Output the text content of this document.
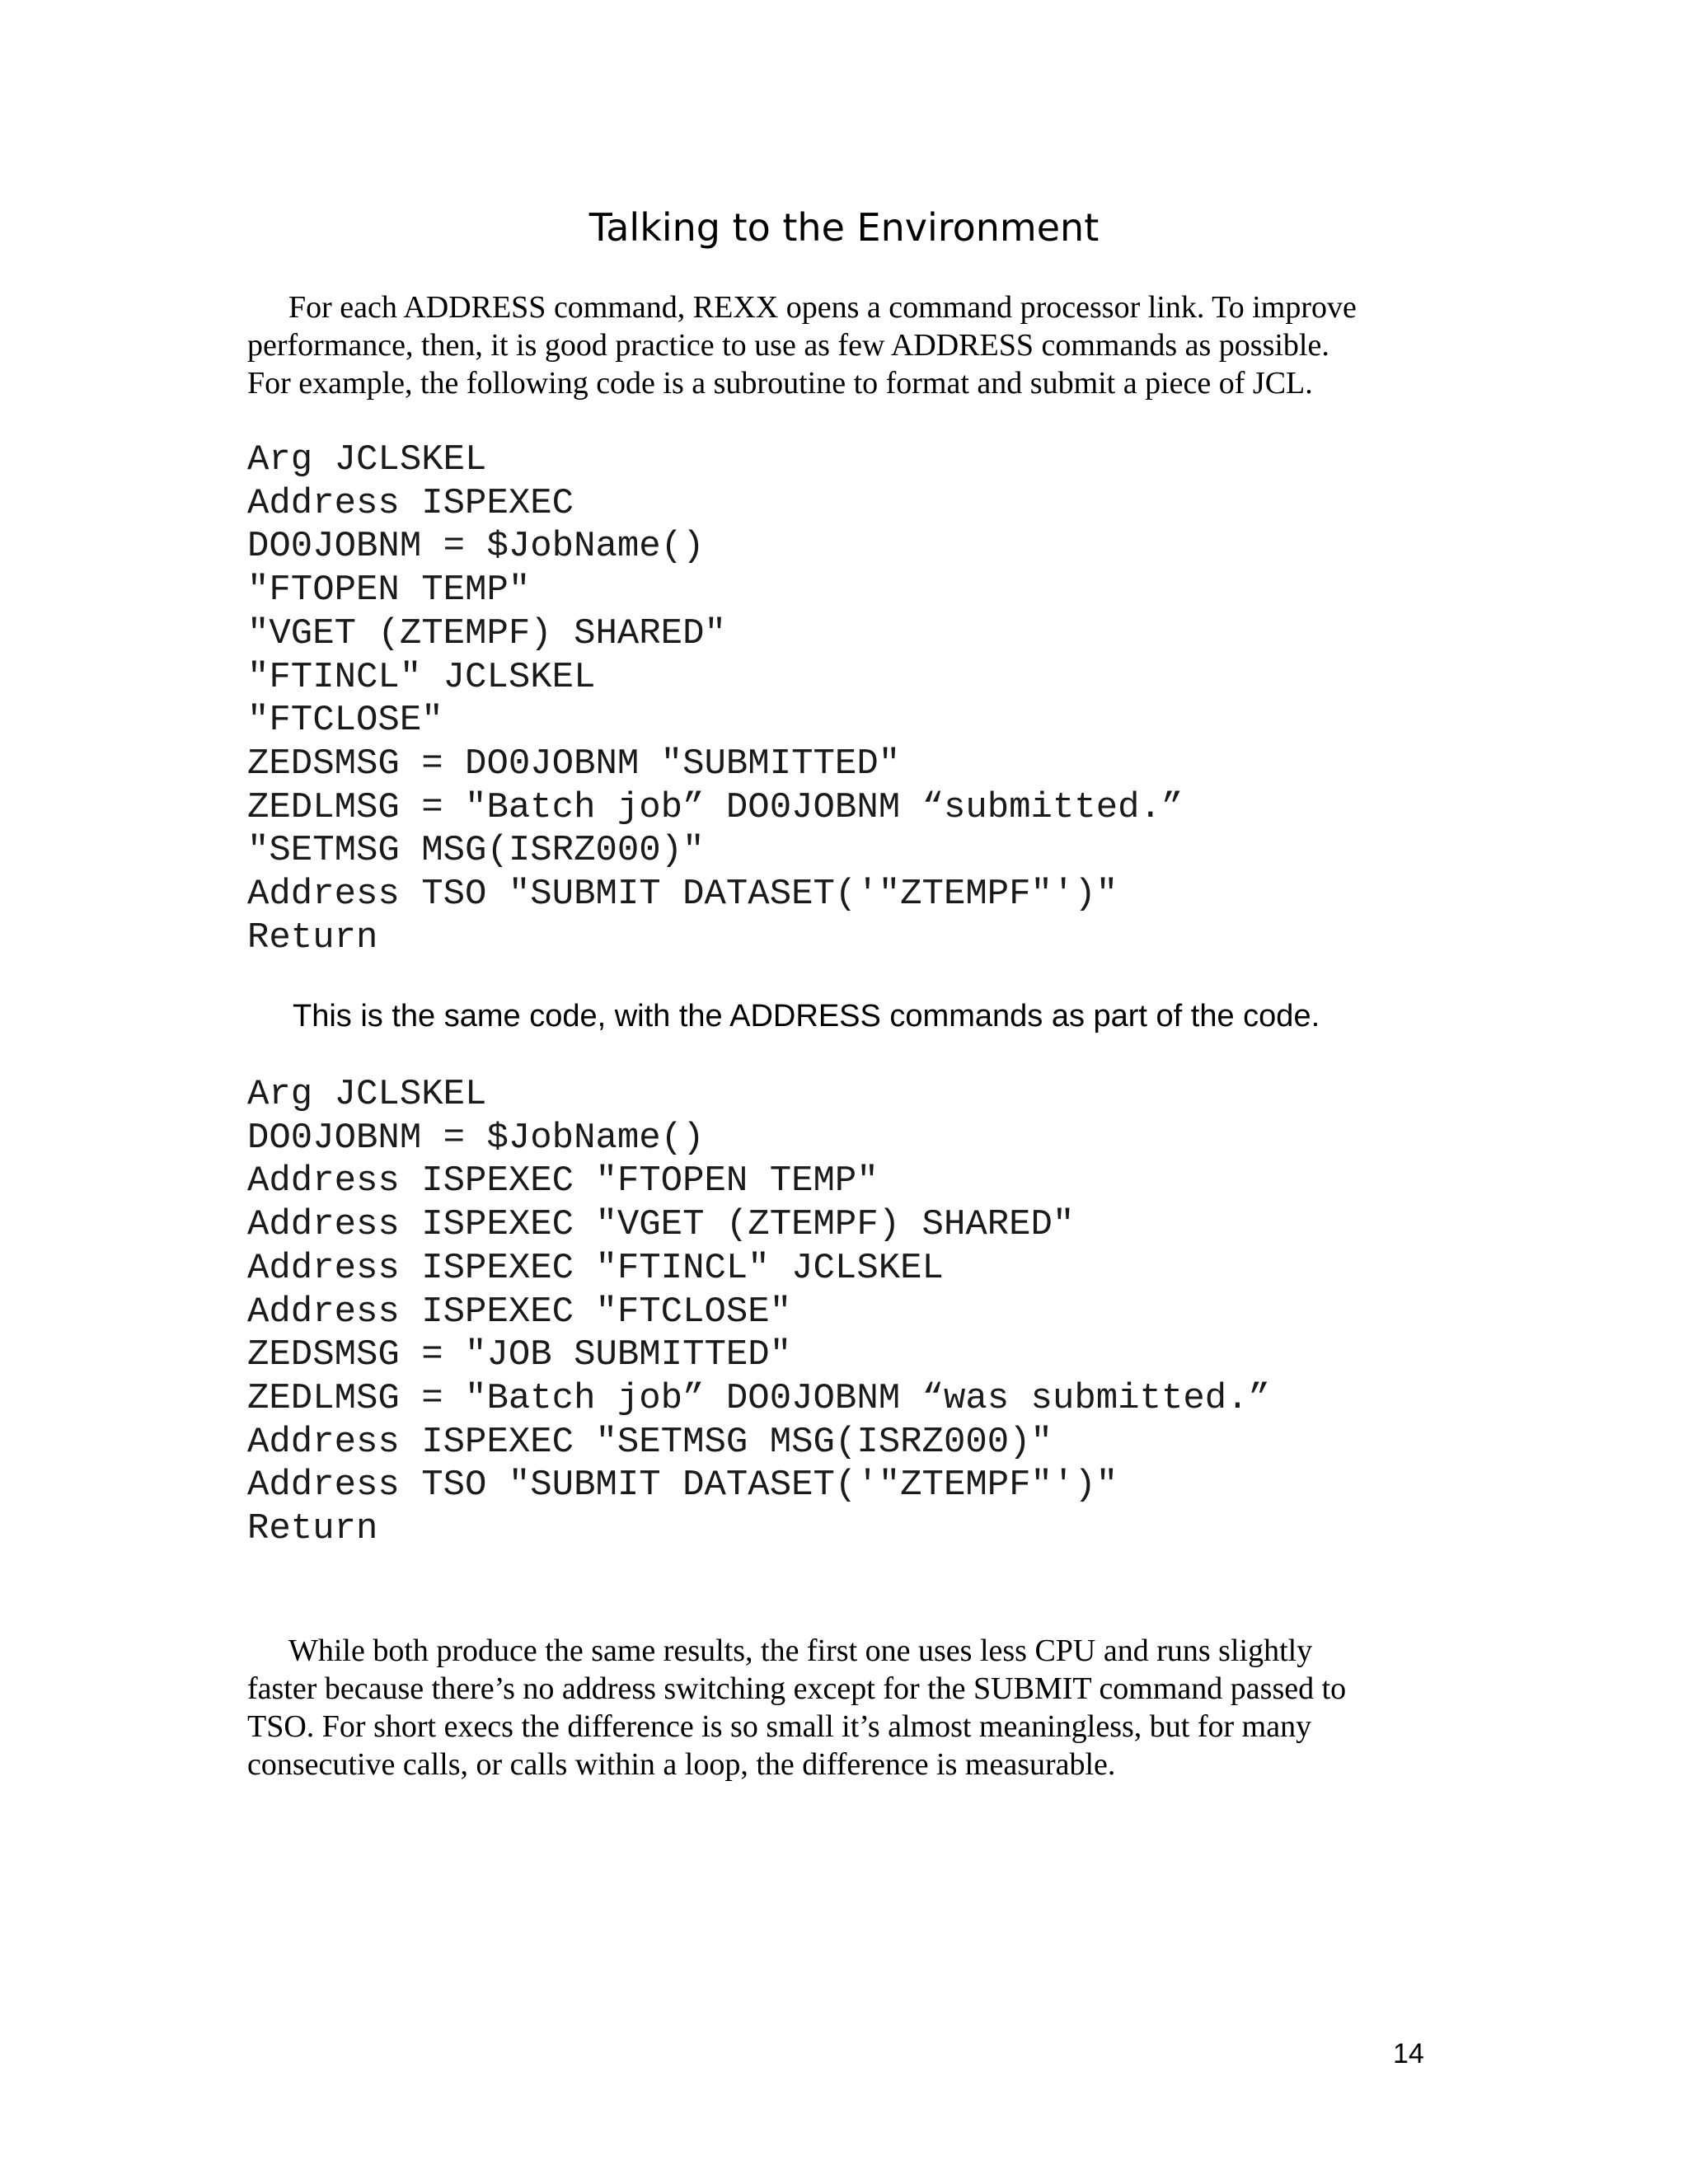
Talking to the Environment

For each ADDRESS command, REXX opens a command processor link. To improve
performance, then, it is good practice to use as few ADDRESS commands as possible.
For example, the following code is a subroutine to format and submit a piece of JCL.

Arg JCLSKEL
Address ISPEXEC
DO0JOBNM = $JobName()
"FTOPEN TEMP"
"VGET (ZTEMPF) SHARED"
"FTINCL" JCLSKEL
"FTCLOSE"
ZEDSMSG = DO0JOBNM "SUBMITTED"
ZEDLMSG = "Batch job” DO0JOBNM “submitted.”
"SETMSG MSG(ISRZ000)"
Address TSO "SUBMIT DATASET('"ZTEMPF"')"
Return

This is the same code, with the ADDRESS commands as part of the code.

Arg JCLSKEL
DO0JOBNM = $JobName()
Address ISPEXEC "FTOPEN TEMP"
Address ISPEXEC "VGET (ZTEMPF) SHARED"
Address ISPEXEC "FTINCL" JCLSKEL
Address ISPEXEC "FTCLOSE"
ZEDSMSG = "JOB SUBMITTED"
ZEDLMSG = "Batch job” DO0JOBNM “was submitted.”
Address ISPEXEC "SETMSG MSG(ISRZ000)"
Address TSO "SUBMIT DATASET('"ZTEMPF"')"
Return

While both produce the same results, the first one uses less CPU and runs slightly
faster because there’s no address switching except for the SUBMIT command passed to
TSO. For short execs the difference is so small it’s almost meaningless, but for many
consecutive calls, or calls within a loop, the difference is measurable.

14
